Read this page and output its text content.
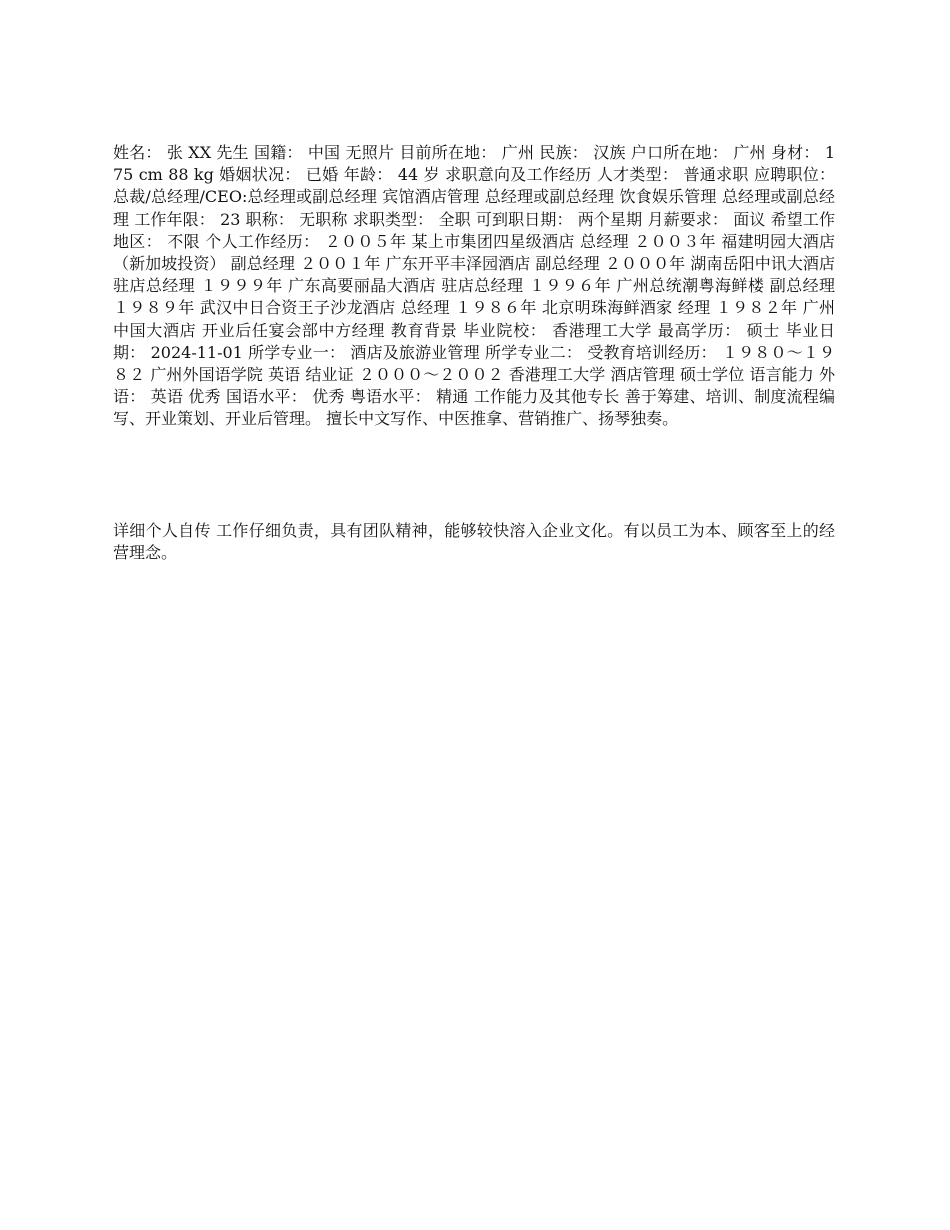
姓名： 张 XX 先生 国籍： 中国 无照片 目前所在地： 广州 民族： 汉族 户口所在地： 广州 身材： 175 cm 88 kg 婚姻状况： 已婚 年龄： 44 岁 求职意向及工作经历 人才类型： 普通求职 应聘职位： 总裁/总经理/CEO:总经理或副总经理 宾馆酒店管理 总经理或副总经理 饮食娱乐管理 总经理或副总经理 工作年限： 23 职称： 无职称 求职类型： 全职 可到职日期： 两个星期 月薪要求： 面议 希望工作地区： 不限 个人工作经历： ２００５年 某上市集团四星级酒店 总经理 ２００３年 福建明园大酒店（新加坡投资） 副总经理 ２００１年 广东开平丰泽园酒店 副总经理 ２０００年 湖南岳阳中讯大酒店 驻店总经理 １９９９年 广东高要丽晶大酒店 驻店总经理 １９９６年 广州总统潮粤海鲜楼 副总经理 １９８９年 武汉中日合资王子沙龙酒店 总经理 １９８６年 北京明珠海鲜酒家 经理 １９８２年 广州中国大酒店 开业后任宴会部中方经理 教育背景 毕业院校： 香港理工大学 最高学历： 硕士 毕业日期： 2024-11-01 所学专业一： 酒店及旅游业管理 所学专业二： 受教育培训经历： １９８０～１９８２ 广州外国语学院 英语 结业证 ２０００～２００２ 香港理工大学 酒店管理 硕士学位 语言能力 外语： 英语 优秀 国语水平： 优秀 粤语水平： 精通 工作能力及其他专长 善于筹建、培训、制度流程编写、开业策划、开业后管理。 擅长中文写作、中医推拿、营销推广、扬琴独奏。

详细个人自传 工作仔细负责，具有团队精神，能够较快溶入企业文化。有以员工为本、顾客至上的经营理念。
